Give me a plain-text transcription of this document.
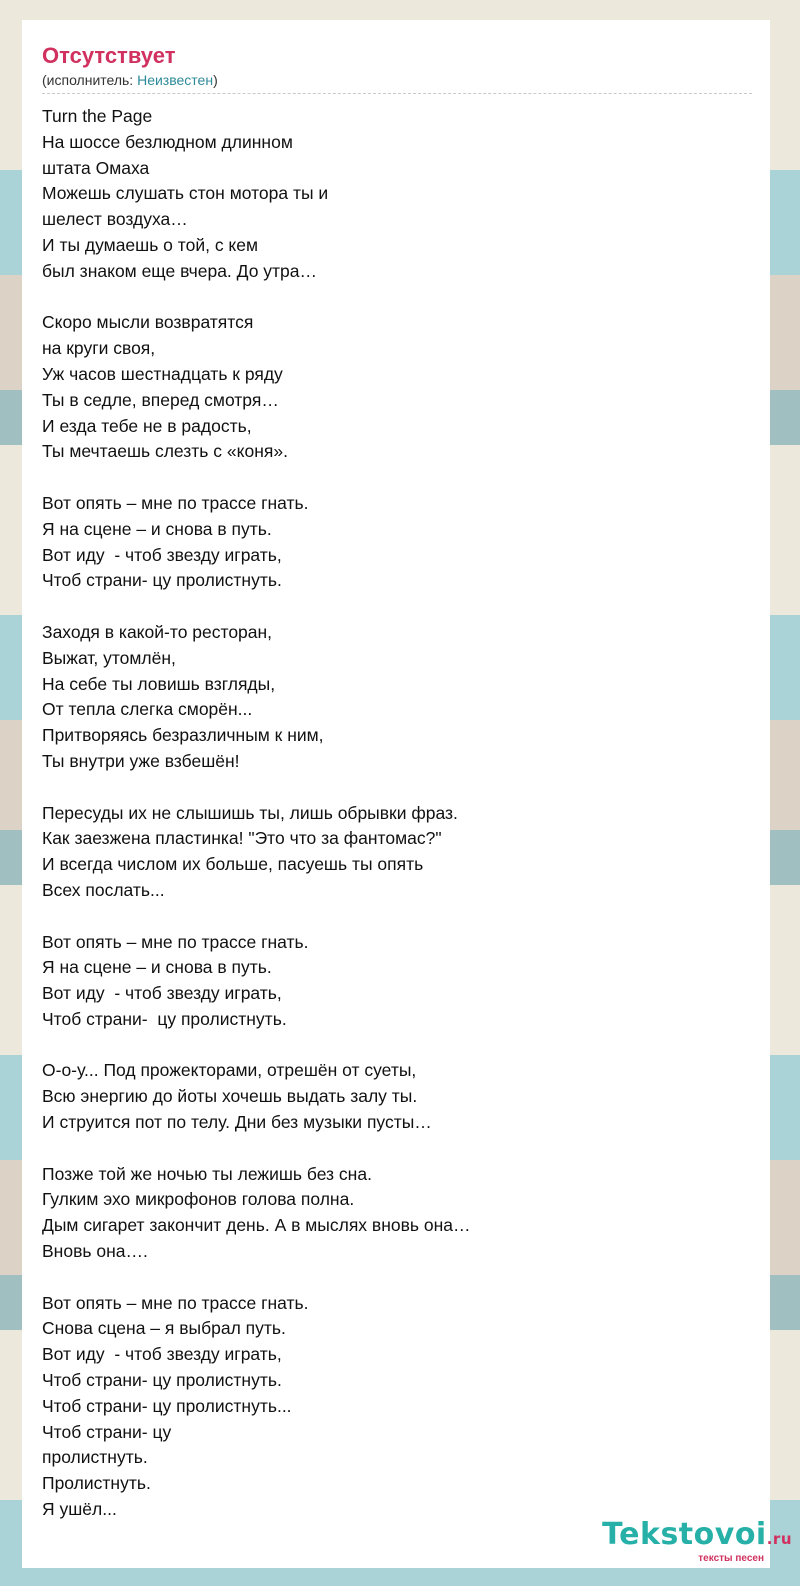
Отсутствует
(исполнитель: Неизвестен)
Turn the Page
На шоссе безлюдном длинном
штата Омаха
Можешь слушать стон мотора ты и
шелест воздуха…
И ты думаешь о той, с кем
был знаком еще вчера. До утра…
Скоро мысли возвратятся
на круги своя,
Уж часов шестнадцать к ряду
Ты в седле, вперед смотря…
И езда тебе не в радость,
Ты мечтаешь слезть с «коня».
Вот опять – мне по трассе гнать.
Я на сцене – и снова в путь.
Вот иду  - чтоб звезду играть,
Чтоб страни- цу пролистнуть.
Заходя в какой-то ресторан,
Выжат, утомлён,
На себе ты ловишь взгляды,
От тепла слегка сморён...
Притворяясь безразличным к ним,
Ты внутри уже взбешён!
Пересуды их не слышишь ты, лишь обрывки фраз.
Как заезжена пластинка! "Это что за фантомас?"
И всегда числом их больше, пасуешь ты опять
Всех послать...
Вот опять – мне по трассе гнать.
Я на сцене – и снова в путь.
Вот иду  - чтоб звезду играть,
Чтоб страни-  цу пролистнуть.
О-о-у... Под прожекторами, отрешён от суеты,
Всю энергию до йоты хочешь выдать залу ты.
И струится пот по телу. Дни без музыки пусты…
Позже той же ночью ты лежишь без сна.
Гулким эхо микрофонов голова полна.
Дым сигарет закончит день. А в мыслях вновь она…
Вновь она….
Вот опять – мне по трассе гнать.
Снова сцена – я выбрал путь.
Вот иду  - чтоб звезду играть,
Чтоб страни- цу пролистнуть.
Чтоб страни- цу пролистнуть...
Чтоб страни- цу
пролистнуть.
Пролистнуть.
Я ушёл...
Tekstovoi.ru
тексты песен
